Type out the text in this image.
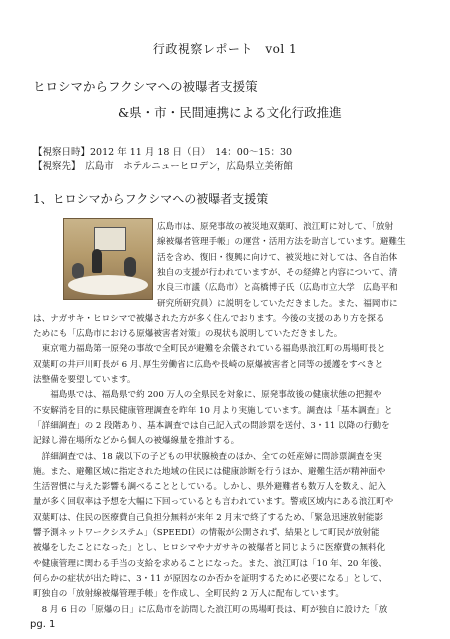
行政視察レポート　vol 1
ヒロシマからフクシマへの被曝者支援策
&県・市・民間連携による文化行政推進
【視察日時】2012 年 11 月 18 日（日）　14：00～15：30
【視察先】　広島市　ホテルニューヒロデン，広島県立美術館
1、ヒロシマからフクシマへの被曝者支援策
広島市は、原発事故の被災地双葉町、浪江町に対して、「放射
線被爆者管理手帳」の運営・活用方法を助言しています。避難生
活を含め、復旧・復興に向けて、被災地に対しては、各自治体
独自の支援が行われていますが、その経緯と内容について、清
水良三市議（広島市）と高橋博子氏（広島市立大学　広島平和
研究所研究員）に説明をしていただきました。また、福岡市に
は、ナガサキ・ヒロシマで被爆された方が多く住んでおります。今後の支援のあり方を探る
ためにも「広島市における原爆被害者対策」の現状も説明していただきました。
　東京電力福島第一原発の事故で全町民が避難を余儀されている福島県浪江町の馬場町長と
双葉町の井戸川町長が 6 月､厚生労働省に広島や長崎の原爆被害者と同等の援護をすべきと
法整備を要望しています。
　　福島県では、福島県で約 200 万人の全県民を対象に、原発事故後の健康状態の把握や
不安解消を目的に県民健康管理調査を昨年 10 月より実施しています。調査は「基本調査」と
「詳細調査」の 2 段階あり、基本調査では自己記入式の問診票を送付、3・11 以降の行動を
記録し滞在場所などから個人の被爆線量を推計する。
　詳細調査では、18 歳以下の子どもの甲状腺検査のほか、全ての妊産婦に問診票調査を実
施。また、避難区域に指定された地域の住民には健康診断を行うほか、避難生活が精神面や
生活習慣に与えた影響も調べることとしている。しかし、県外避難者も数万人を数え、記入
量が多く回収率は予想を大幅に下回っているとも言われています。警戒区域内にある浪江町や
双葉町は、住民の医療費自己負担分無料が来年 2 月末で終了するため、「緊急迅速放射能影
響予測ネットワークシステム」（SPEEDI）の情報が公開されず、結果として町民が放射能
被爆をしたことになった」とし、ヒロシマやナガサキの被爆者と同じように医療費の無料化
や健康管理に関わる手当の支給を求めることになった。また、浪江町は「10 年、20 年後、
何らかの症状が出た時に、3・11 が原因なのか否かを証明するために必要になる」として、
町独自の「放射線被爆管理手帳」を作成し、全町民約 2 万人に配布しています。
　8 月 6 日の「原爆の日」に広島市を訪問した浪江町の馬場町長は、町が独自に設けた「放
pg. 1
